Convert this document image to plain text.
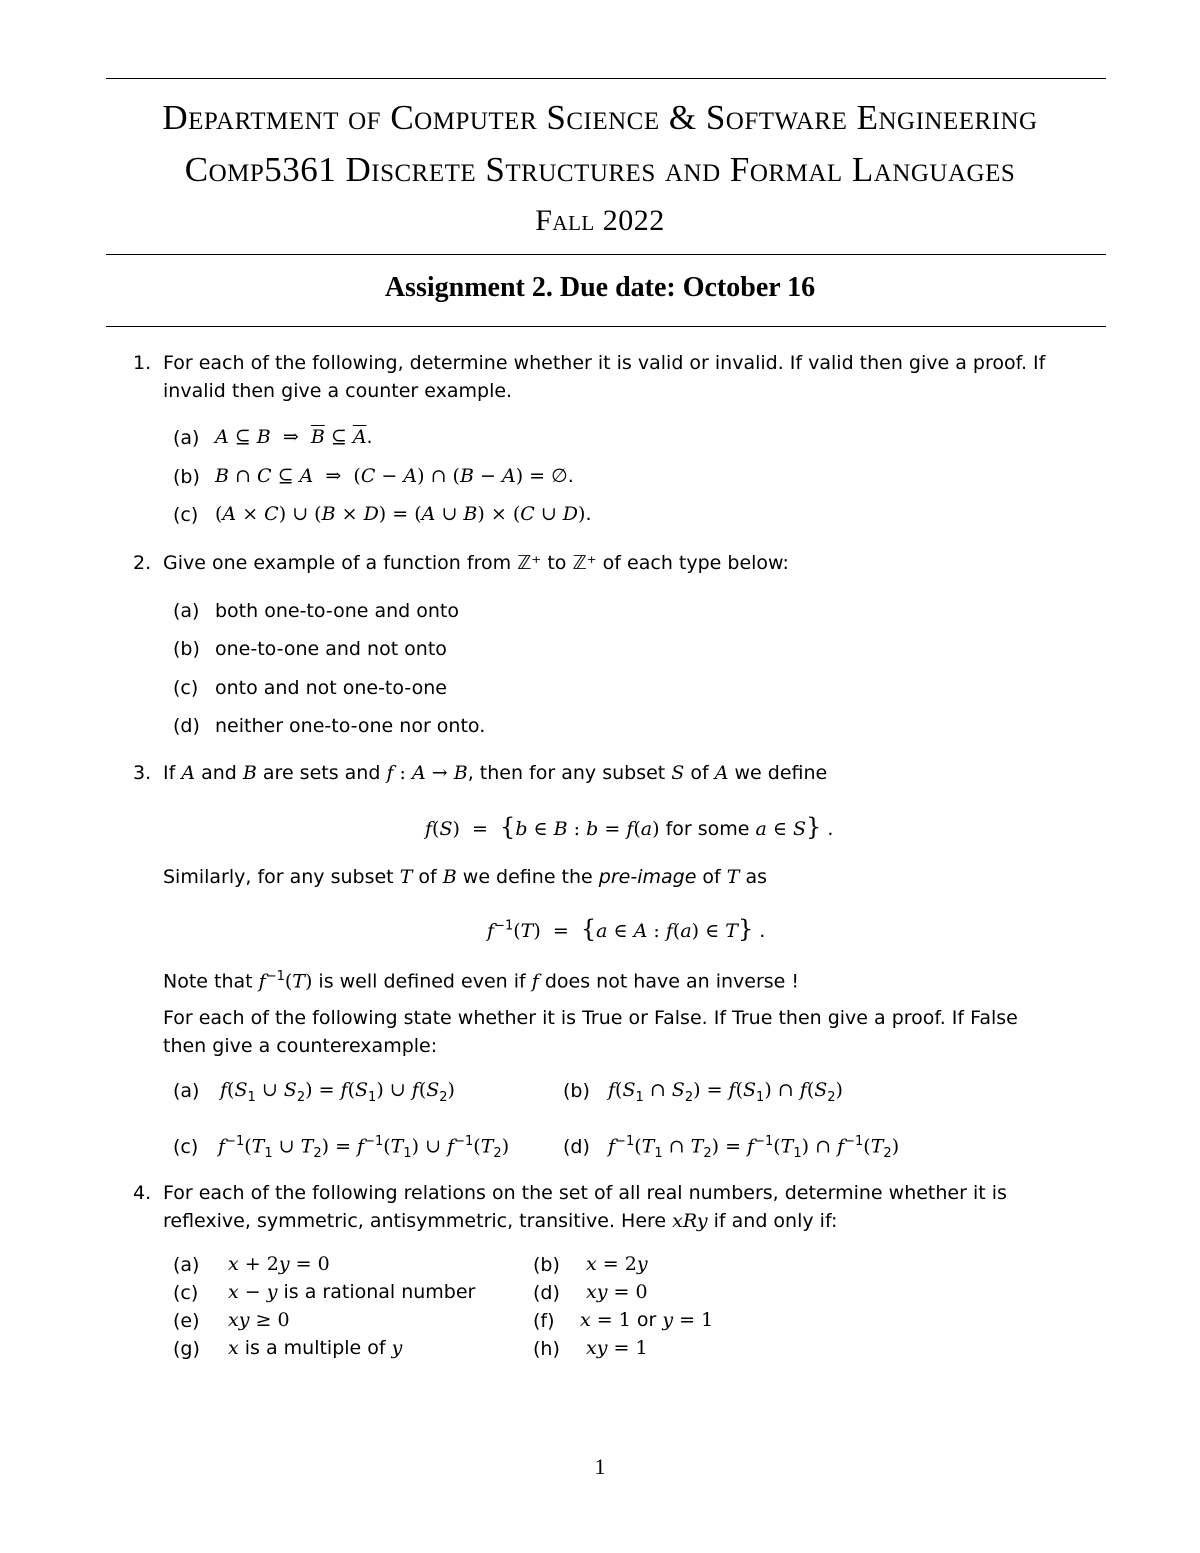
Department of Computer Science & Software Engineering
Comp5361 Discrete Structures and Formal Languages
Fall 2022
Assignment 2. Due date: October 16
1. For each of the following, determine whether it is valid or invalid. If valid then give a proof. If
invalid then give a counter example.
(a) A ⊆ B ⇒ $\overline{B}$ ⊆ $\overline{A}$.
(b) B ∩ C ⊆ A ⇒ (C − A) ∩ (B − A) = ∅.
(c) (A × C) ∪ (B × D) = (A ∪ B) × (C ∪ D).
2. Give one example of a function from ℤ⁺ to ℤ⁺ of each type below:
(a) both one-to-one and onto
(b) one-to-one and not onto
(c) onto and not one-to-one
(d) neither one-to-one nor onto.
3. If A and B are sets and f : A → B, then for any subset S of A we define
f(S) = {b ∈ B : b = f(a) for some a ∈ S} .
Similarly, for any subset T of B we define the pre-image of T as
$f^{-1}(T) = \{a$ ∈ A : f(a) ∈ T} .
Note that $f^{-1}(T)$ is well defined even if f does not have an inverse !
For each of the following state whether it is True or False. If True then give a proof. If False
then give a counterexample:
(a) $f(S_1$ ∪ $S_2) = f(S_1)$ ∪ $f(S_2)$	(b) $f(S_1$ ∩ $S_2) = f(S_1)$ ∩ $f(S_2)$
(c) $f^{-1}(T_1$ ∪ $T_2) = f^{-1}(T_1)$ ∪ $f^{-1}(T_2)$	(d) $f^{-1}(T_1$ ∩ $T_2) = f^{-1}(T_1)$ ∩ $f^{-1}(T_2)$
4. For each of the following relations on the set of all real numbers, determine whether it is
reflexive, symmetric, antisymmetric, transitive. Here xRy if and only if:
(a) x + 2y = 0	(b) x = 2y
(c) x − y is a rational number	(d) xy = 0
(e) xy ≥ 0	(f) x = 1 or y = 1
(g) x is a multiple of y	(h) xy = 1
1
